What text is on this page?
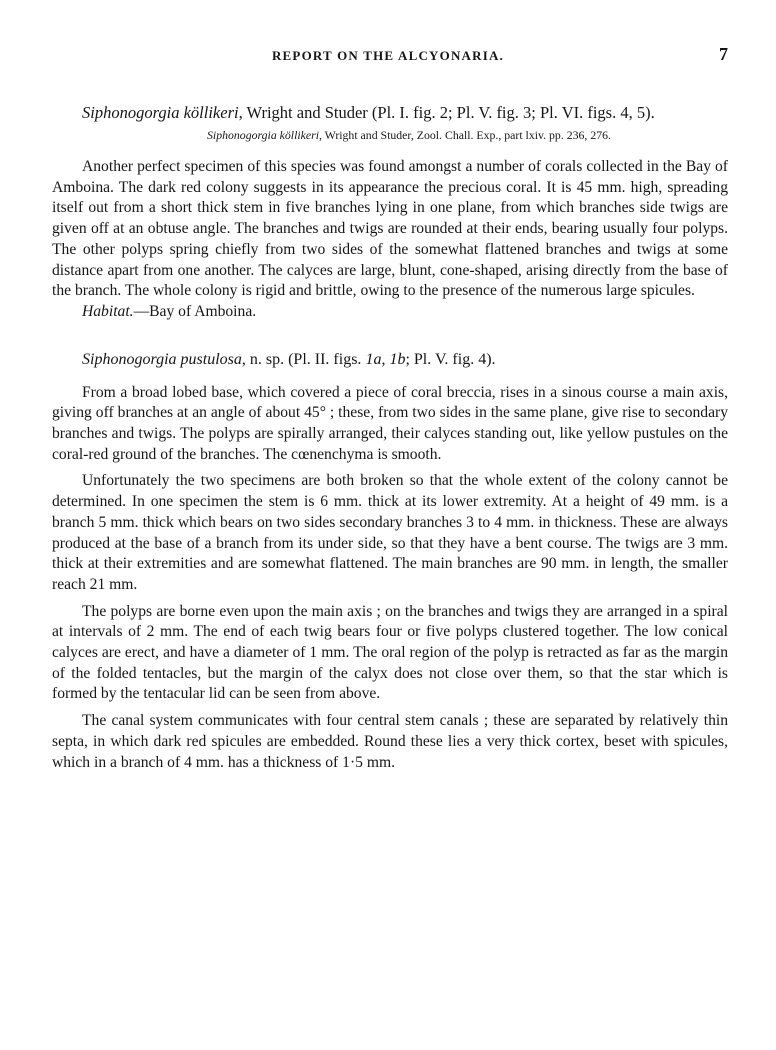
REPORT ON THE ALCYONARIA.	7

Siphonogorgia köllikeri, Wright and Studer (Pl. I. fig. 2; Pl. V. fig. 3; Pl. VI. figs. 4, 5).

Siphonogorgia köllikeri, Wright and Studer, Zool. Chall. Exp., part lxiv. pp. 236, 276.

Another perfect specimen of this species was found amongst a number of corals collected in the Bay of Amboina. The dark red colony suggests in its appearance the precious coral. It is 45 mm. high, spreading itself out from a short thick stem in five branches lying in one plane, from which branches side twigs are given off at an obtuse angle. The branches and twigs are rounded at their ends, bearing usually four polyps. The other polyps spring chiefly from two sides of the somewhat flattened branches and twigs at some distance apart from one another. The calyces are large, blunt, cone-shaped, arising directly from the base of the branch. The whole colony is rigid and brittle, owing to the presence of the numerous large spicules.

Habitat.—Bay of Amboina.

Siphonogorgia pustulosa, n. sp. (Pl. II. figs. 1a, 1b; Pl. V. fig. 4).

From a broad lobed base, which covered a piece of coral breccia, rises in a sinous course a main axis, giving off branches at an angle of about 45° ; these, from two sides in the same plane, give rise to secondary branches and twigs. The polyps are spirally arranged, their calyces standing out, like yellow pustules on the coral-red ground of the branches. The cœnenchyma is smooth.

Unfortunately the two specimens are both broken so that the whole extent of the colony cannot be determined. In one specimen the stem is 6 mm. thick at its lower extremity. At a height of 49 mm. is a branch 5 mm. thick which bears on two sides secondary branches 3 to 4 mm. in thickness. These are always produced at the base of a branch from its under side, so that they have a bent course. The twigs are 3 mm. thick at their extremities and are somewhat flattened. The main branches are 90 mm. in length, the smaller reach 21 mm.

The polyps are borne even upon the main axis ; on the branches and twigs they are arranged in a spiral at intervals of 2 mm. The end of each twig bears four or five polyps clustered together. The low conical calyces are erect, and have a diameter of 1 mm. The oral region of the polyp is retracted as far as the margin of the folded tentacles, but the margin of the calyx does not close over them, so that the star which is formed by the tentacular lid can be seen from above.

The canal system communicates with four central stem canals ; these are separated by relatively thin septa, in which dark red spicules are embedded. Round these lies a very thick cortex, beset with spicules, which in a branch of 4 mm. has a thickness of 1·5 mm.
